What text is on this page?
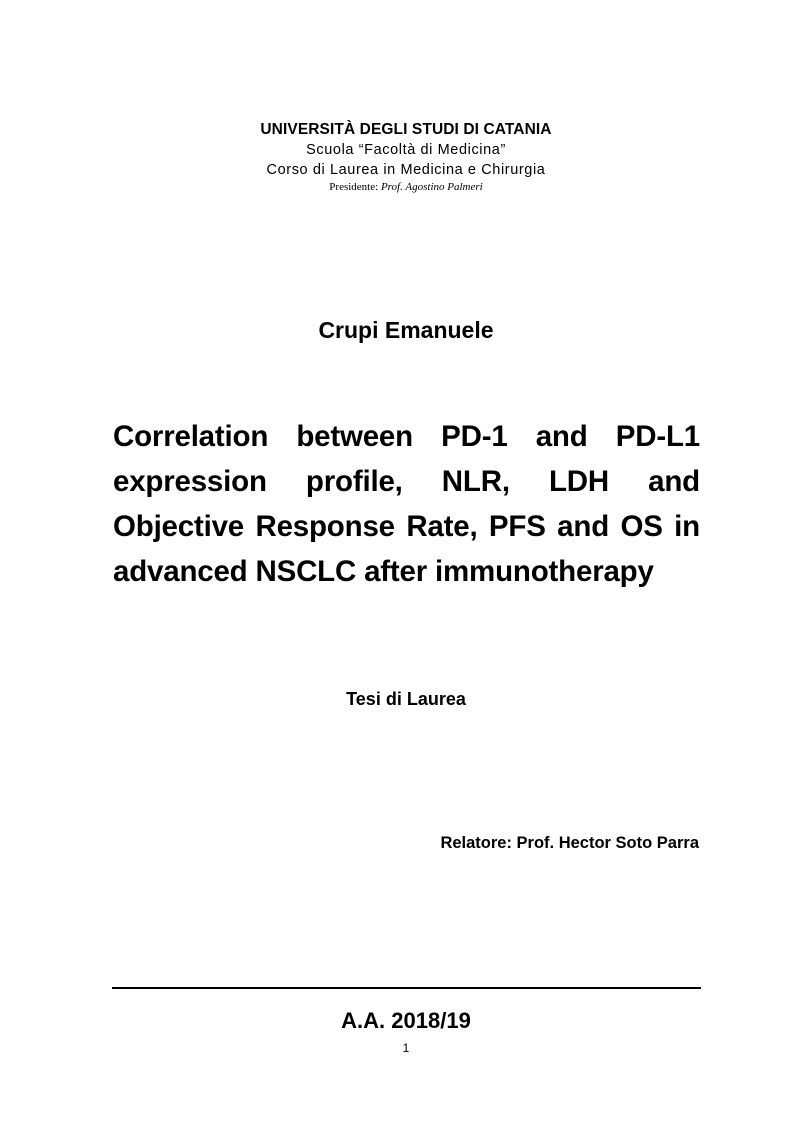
UNIVERSITÀ DEGLI STUDI DI CATANIA
Scuola “Facoltà di Medicina”
Corso di Laurea in Medicina e Chirurgia
Presidente: Prof. Agostino Palmeri
Crupi Emanuele
Correlation between PD-1 and PD-L1 expression profile, NLR, LDH and Objective Response Rate, PFS and OS in advanced NSCLC after immunotherapy
Tesi di Laurea
Relatore: Prof. Hector Soto Parra
A.A. 2018/19
1
